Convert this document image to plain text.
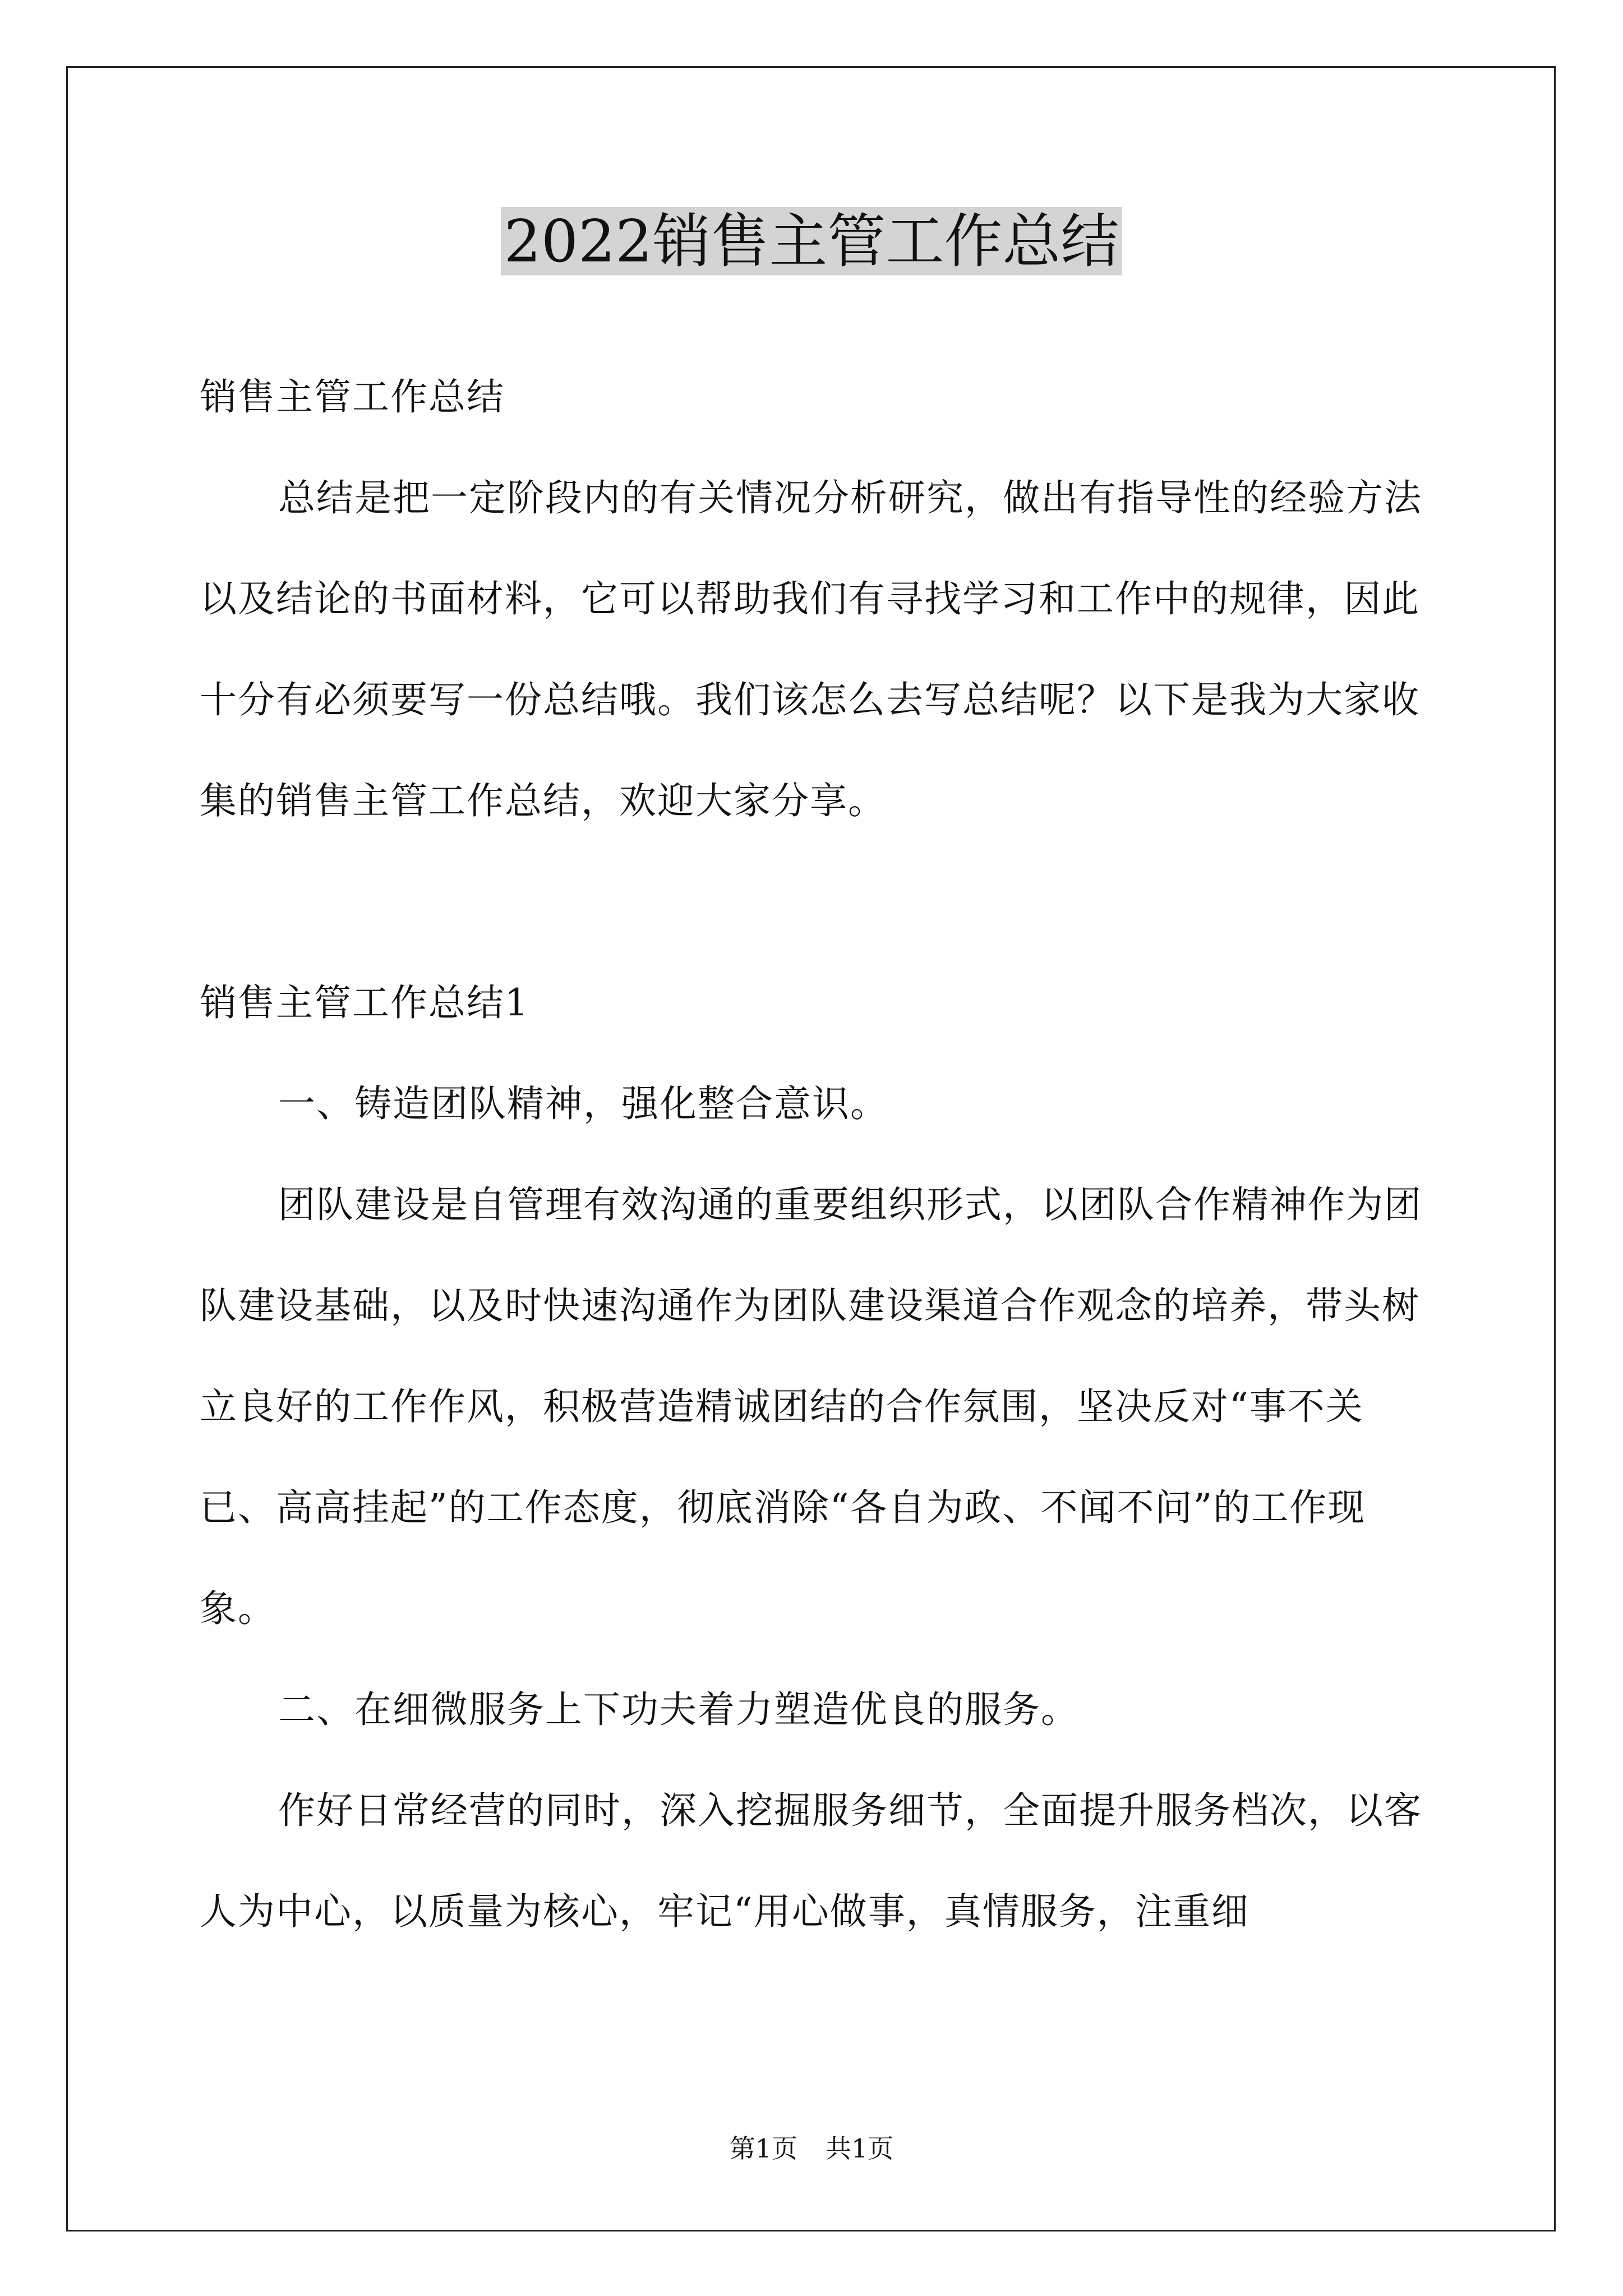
2022销售主管工作总结

销售主管工作总结

总结是把一定阶段内的有关情况分析研究，做出有指导性的经验方法以及结论的书面材料，它可以帮助我们有寻找学习和工作中的规律，因此十分有必须要写一份总结哦。我们该怎么去写总结呢？以下是我为大家收集的销售主管工作总结，欢迎大家分享。

销售主管工作总结1

一、铸造团队精神，强化整合意识。

团队建设是自管理有效沟通的重要组织形式，以团队合作精神作为团队建设基础，以及时快速沟通作为团队建设渠道合作观念的培养，带头树立良好的工作作风，积极营造精诚团结的合作氛围，坚决反对“事不关已、高高挂起”的工作态度，彻底消除“各自为政、不闻不问”的工作现象。

二、在细微服务上下功夫着力塑造优良的服务。

作好日常经营的同时，深入挖掘服务细节，全面提升服务档次，以客人为中心，以质量为核心，牢记“用心做事，真情服务，注重细

第1页 共1页
